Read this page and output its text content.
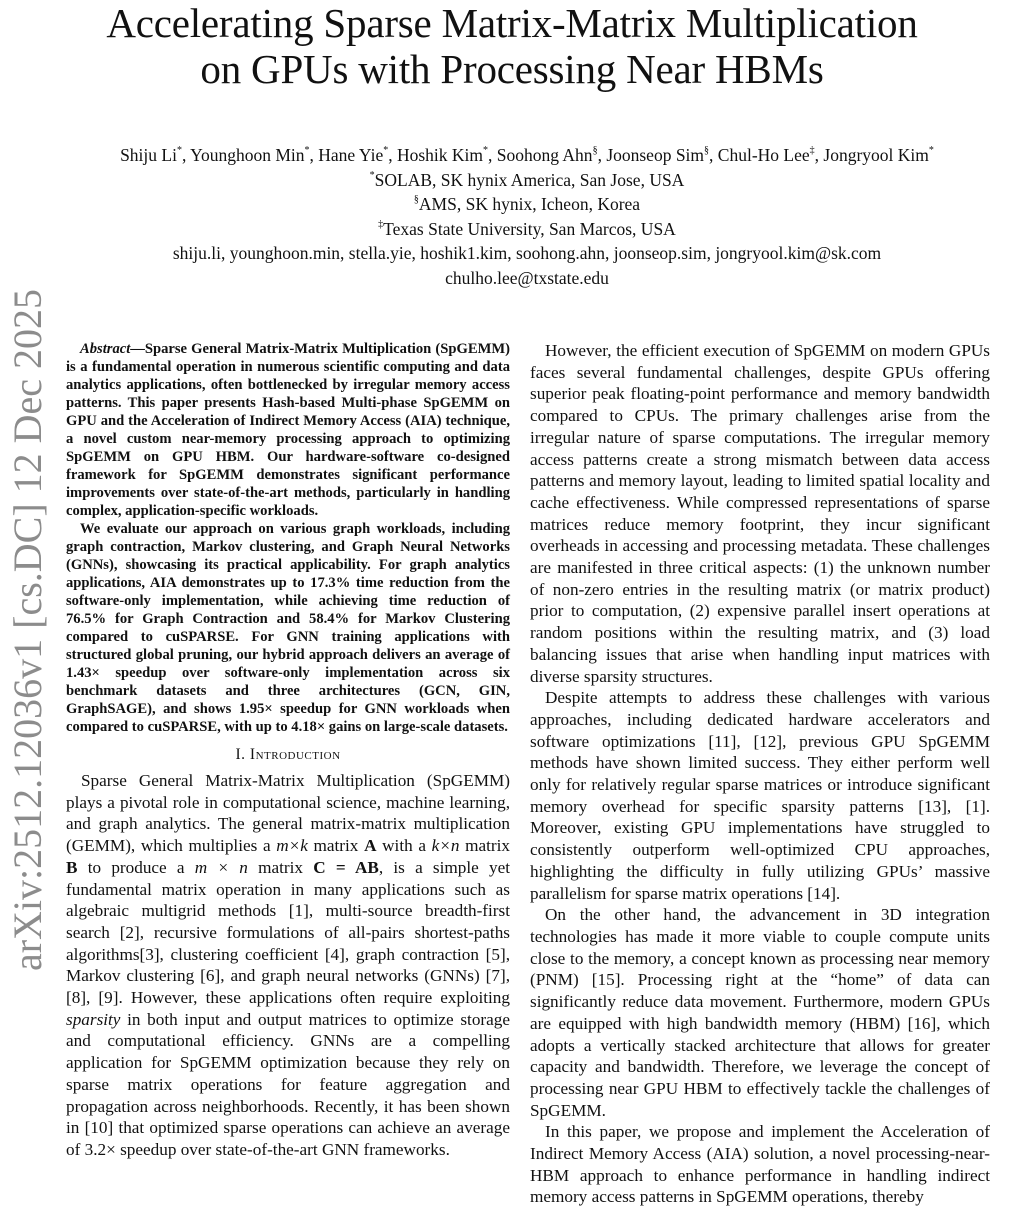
Accelerating Sparse Matrix-Matrix Multiplication
on GPUs with Processing Near HBMs
Shiju Li*, Younghoon Min*, Hane Yie*, Hoshik Kim*, Soohong Ahn§, Joonseop Sim§, Chul-Ho Lee‡, Jongryool Kim*
*SOLAB, SK hynix America, San Jose, USA
§AMS, SK hynix, Icheon, Korea
‡Texas State University, San Marcos, USA
shiju.li, younghoon.min, stella.yie, hoshik1.kim, soohong.ahn, joonseop.sim, jongryool.kim@sk.com
chulho.lee@txstate.edu
arXiv:2512.12036v1 [cs.DC] 12 Dec 2025	Abstract—Sparse General Matrix-Matrix Multiplication (SpGEMM) is a fundamental operation in numerous scientific computing and data analytics applications, often bottlenecked by irregular memory access patterns. This paper presents Hash-based Multi-phase SpGEMM on GPU and the Acceleration of Indirect Memory Access (AIA) technique, a novel custom near-memory processing approach to optimizing SpGEMM on GPU HBM. Our hardware-software co-designed framework for SpGEMM demonstrates significant performance improvements over state-of-the-art methods, particularly in handling complex, application-specific workloads.

We evaluate our approach on various graph workloads, including graph contraction, Markov clustering, and Graph Neural Networks (GNNs), showcasing its practical applicability. For graph analytics applications, AIA demonstrates up to 17.3% time reduction from the software-only implementation, while achieving time reduction of 76.5% for Graph Contraction and 58.4% for Markov Clustering compared to cuSPARSE. For GNN training applications with structured global pruning, our hybrid approach delivers an average of 1.43× speedup over software-only implementation across six benchmark datasets and three architectures (GCN, GIN, GraphSAGE), and shows 1.95× speedup for GNN workloads when compared to cuSPARSE, with up to 4.18× gains on large-scale datasets.

I. Introduction

Sparse General Matrix-Matrix Multiplication (SpGEMM) plays a pivotal role in computational science, machine learning, and graph analytics. The general matrix-matrix multiplication (GEMM), which multiplies a m×k matrix A with a k×n matrix B to produce a m × n matrix C = AB, is a simple yet fundamental matrix operation in many applications such as algebraic multigrid methods [1], multi-source breadth-first search [2], recursive formulations of all-pairs shortest-paths algorithms[3], clustering coefficient [4], graph contraction [5], Markov clustering [6], and graph neural networks (GNNs) [7], [8], [9]. However, these applications often require exploiting sparsity in both input and output matrices to optimize storage and computational efficiency. GNNs are a compelling application for SpGEMM optimization because they rely on sparse matrix operations for feature aggregation and propagation across neighborhoods. Recently, it has been shown in [10] that optimized sparse operations can achieve an average of 3.2× speedup over state-of-the-art GNN frameworks.

However, the efficient execution of SpGEMM on modern GPUs faces several fundamental challenges, despite GPUs offering superior peak floating-point performance and memory bandwidth compared to CPUs. The primary challenges arise from the irregular nature of sparse computations. The irregular memory access patterns create a strong mismatch between data access patterns and memory layout, leading to limited spatial locality and cache effectiveness. While compressed representations of sparse matrices reduce memory footprint, they incur significant overheads in accessing and processing metadata. These challenges are manifested in three critical aspects: (1) the unknown number of non-zero entries in the resulting matrix (or matrix product) prior to computation, (2) expensive parallel insert operations at random positions within the resulting matrix, and (3) load balancing issues that arise when handling input matrices with diverse sparsity structures.

Despite attempts to address these challenges with various approaches, including dedicated hardware accelerators and software optimizations [11], [12], previous GPU SpGEMM methods have shown limited success. They either perform well only for relatively regular sparse matrices or introduce significant memory overhead for specific sparsity patterns [13], [1]. Moreover, existing GPU implementations have struggled to consistently outperform well-optimized CPU approaches, highlighting the difficulty in fully utilizing GPUs’ massive parallelism for sparse matrix operations [14].

On the other hand, the advancement in 3D integration technologies has made it more viable to couple compute units close to the memory, a concept known as processing near memory (PNM) [15]. Processing right at the “home” of data can significantly reduce data movement. Furthermore, modern GPUs are equipped with high bandwidth memory (HBM) [16], which adopts a vertically stacked architecture that allows for greater capacity and bandwidth. Therefore, we leverage the concept of processing near GPU HBM to effectively tackle the challenges of SpGEMM.

In this paper, we propose and implement the Acceleration of Indirect Memory Access (AIA) solution, a novel processing-near-HBM approach to enhance performance in handling indirect memory access patterns in SpGEMM operations, thereby
